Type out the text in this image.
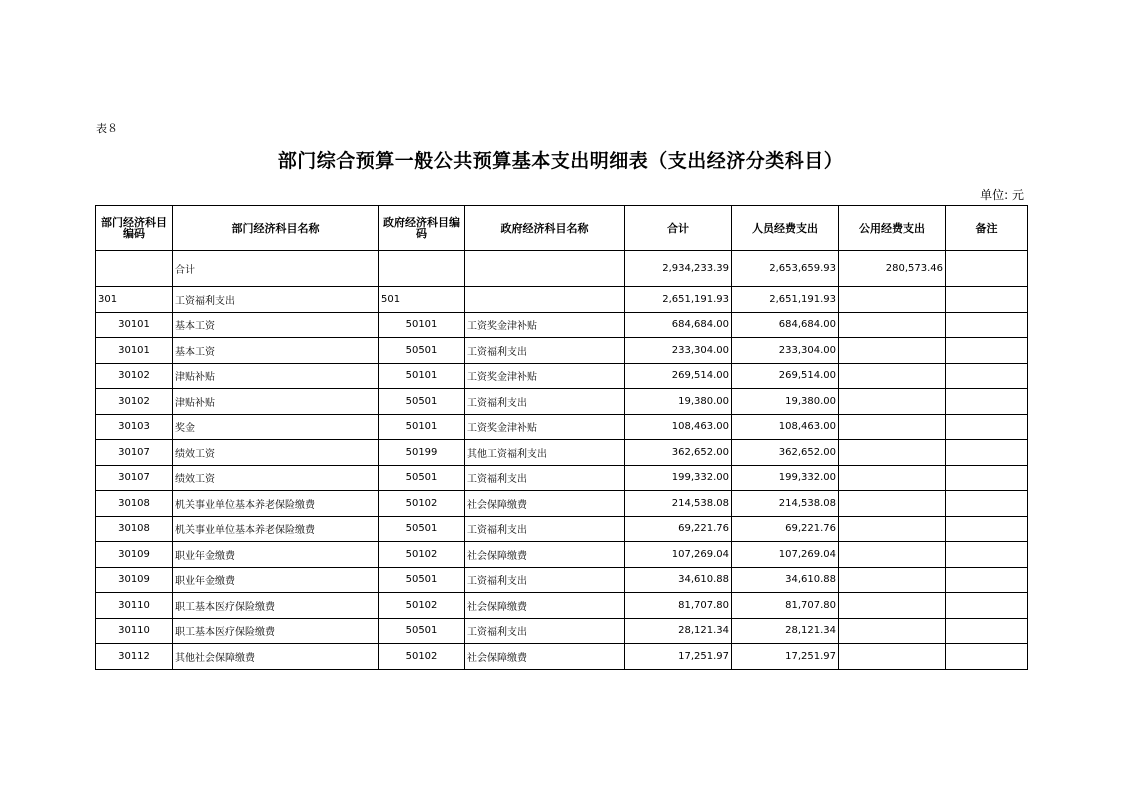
表８
部门综合预算一般公共预算基本支出明细表（支出经济分类科目）
单位: 元
部门经济科目编码	部门经济科目名称	政府经济科目编码	政府经济科目名称	合计	人员经费支出	公用经费支出	备注
	合计			2,934,233.39	2,653,659.93	280,573.46	
301	工资福利支出	501		2,651,191.93	2,651,191.93		
30101	基本工资	50101	工资奖金津补贴	684,684.00	684,684.00		
30101	基本工资	50501	工资福利支出	233,304.00	233,304.00		
30102	津贴补贴	50101	工资奖金津补贴	269,514.00	269,514.00		
30102	津贴补贴	50501	工资福利支出	19,380.00	19,380.00		
30103	奖金	50101	工资奖金津补贴	108,463.00	108,463.00		
30107	绩效工资	50199	其他工资福利支出	362,652.00	362,652.00		
30107	绩效工资	50501	工资福利支出	199,332.00	199,332.00		
30108	机关事业单位基本养老保险缴费	50102	社会保障缴费	214,538.08	214,538.08		
30108	机关事业单位基本养老保险缴费	50501	工资福利支出	69,221.76	69,221.76		
30109	职业年金缴费	50102	社会保障缴费	107,269.04	107,269.04		
30109	职业年金缴费	50501	工资福利支出	34,610.88	34,610.88		
30110	职工基本医疗保险缴费	50102	社会保障缴费	81,707.80	81,707.80		
30110	职工基本医疗保险缴费	50501	工资福利支出	28,121.34	28,121.34		
30112	其他社会保障缴费	50102	社会保障缴费	17,251.97	17,251.97		
